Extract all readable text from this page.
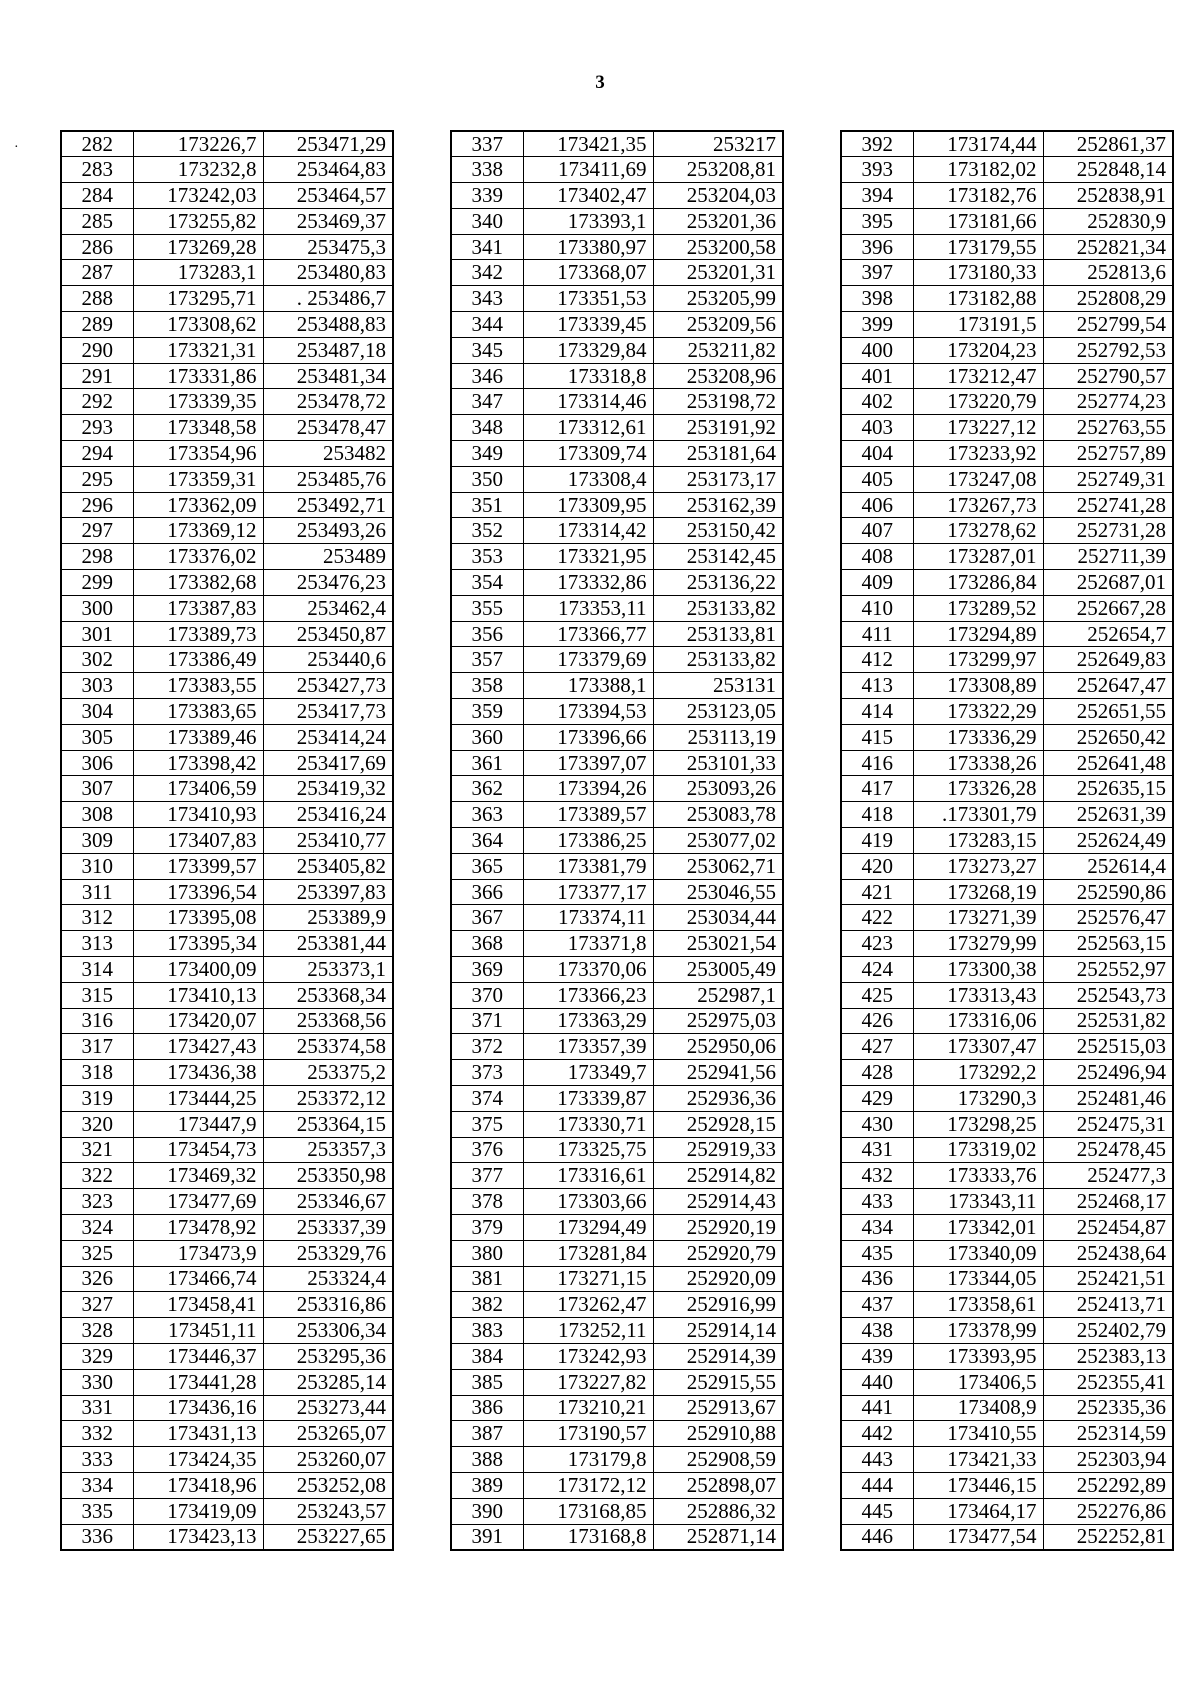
3
·	282	173226,7	253471,29
283	173232,8	253464,83
284	173242,03	253464,57
285	173255,82	253469,37
286	173269,28	253475,3
287	173283,1	253480,83
288	173295,71	. 253486,7
289	173308,62	253488,83
290	173321,31	253487,18
291	173331,86	253481,34
292	173339,35	253478,72
293	173348,58	253478,47
294	173354,96	253482
295	173359,31	253485,76
296	173362,09	253492,71
297	173369,12	253493,26
298	173376,02	253489
299	173382,68	253476,23
300	173387,83	253462,4
301	173389,73	253450,87
302	173386,49	253440,6
303	173383,55	253427,73
304	173383,65	253417,73
305	173389,46	253414,24
306	173398,42	253417,69
307	173406,59	253419,32
308	173410,93	253416,24
309	173407,83	253410,77
310	173399,57	253405,82
311	173396,54	253397,83
312	173395,08	253389,9
313	173395,34	253381,44
314	173400,09	253373,1
315	173410,13	253368,34
316	173420,07	253368,56
317	173427,43	253374,58
318	173436,38	253375,2
319	173444,25	253372,12
320	173447,9	253364,15
321	173454,73	253357,3
322	173469,32	253350,98
323	173477,69	253346,67
324	173478,92	253337,39
325	173473,9	253329,76
326	173466,74	253324,4
327	173458,41	253316,86
328	173451,11	253306,34
329	173446,37	253295,36
330	173441,28	253285,14
331	173436,16	253273,44
332	173431,13	253265,07
333	173424,35	253260,07
334	173418,96	253252,08
335	173419,09	253243,57
336	173423,13	253227,65
337	173421,35	253217
338	173411,69	253208,81
339	173402,47	253204,03
340	173393,1	253201,36
341	173380,97	253200,58
342	173368,07	253201,31
343	173351,53	253205,99
344	173339,45	253209,56
345	173329,84	253211,82
346	173318,8	253208,96
347	173314,46	253198,72
348	173312,61	253191,92
349	173309,74	253181,64
350	173308,4	253173,17
351	173309,95	253162,39
352	173314,42	253150,42
353	173321,95	253142,45
354	173332,86	253136,22
355	173353,11	253133,82
356	173366,77	253133,81
357	173379,69	253133,82
358	173388,1	253131
359	173394,53	253123,05
360	173396,66	253113,19
361	173397,07	253101,33
362	173394,26	253093,26
363	173389,57	253083,78
364	173386,25	253077,02
365	173381,79	253062,71
366	173377,17	253046,55
367	173374,11	253034,44
368	173371,8	253021,54
369	173370,06	253005,49
370	173366,23	252987,1
371	173363,29	252975,03
372	173357,39	252950,06
373	173349,7	252941,56
374	173339,87	252936,36
375	173330,71	252928,15
376	173325,75	252919,33
377	173316,61	252914,82
378	173303,66	252914,43
379	173294,49	252920,19
380	173281,84	252920,79
381	173271,15	252920,09
382	173262,47	252916,99
383	173252,11	252914,14
384	173242,93	252914,39
385	173227,82	252915,55
386	173210,21	252913,67
387	173190,57	252910,88
388	173179,8	252908,59
389	173172,12	252898,07
390	173168,85	252886,32
391	173168,8	252871,14
392	173174,44	252861,37
393	173182,02	252848,14
394	173182,76	252838,91
395	173181,66	252830,9
396	173179,55	252821,34
397	173180,33	252813,6
398	173182,88	252808,29
399	173191,5	252799,54
400	173204,23	252792,53
401	173212,47	252790,57
402	173220,79	252774,23
403	173227,12	252763,55
404	173233,92	252757,89
405	173247,08	252749,31
406	173267,73	252741,28
407	173278,62	252731,28
408	173287,01	252711,39
409	173286,84	252687,01
410	173289,52	252667,28
411	173294,89	252654,7
412	173299,97	252649,83
413	173308,89	252647,47
414	173322,29	252651,55
415	173336,29	252650,42
416	173338,26	252641,48
417	173326,28	252635,15
418	.173301,79	252631,39
419	173283,15	252624,49
420	173273,27	252614,4
421	173268,19	252590,86
422	173271,39	252576,47
423	173279,99	252563,15
424	173300,38	252552,97
425	173313,43	252543,73
426	173316,06	252531,82
427	173307,47	252515,03
428	173292,2	252496,94
429	173290,3	252481,46
430	173298,25	252475,31
431	173319,02	252478,45
432	173333,76	252477,3
433	173343,11	252468,17
434	173342,01	252454,87
435	173340,09	252438,64
436	173344,05	252421,51
437	173358,61	252413,71
438	173378,99	252402,79
439	173393,95	252383,13
440	173406,5	252355,41
441	173408,9	252335,36
442	173410,55	252314,59
443	173421,33	252303,94
444	173446,15	252292,89
445	173464,17	252276,86
446	173477,54	252252,81
